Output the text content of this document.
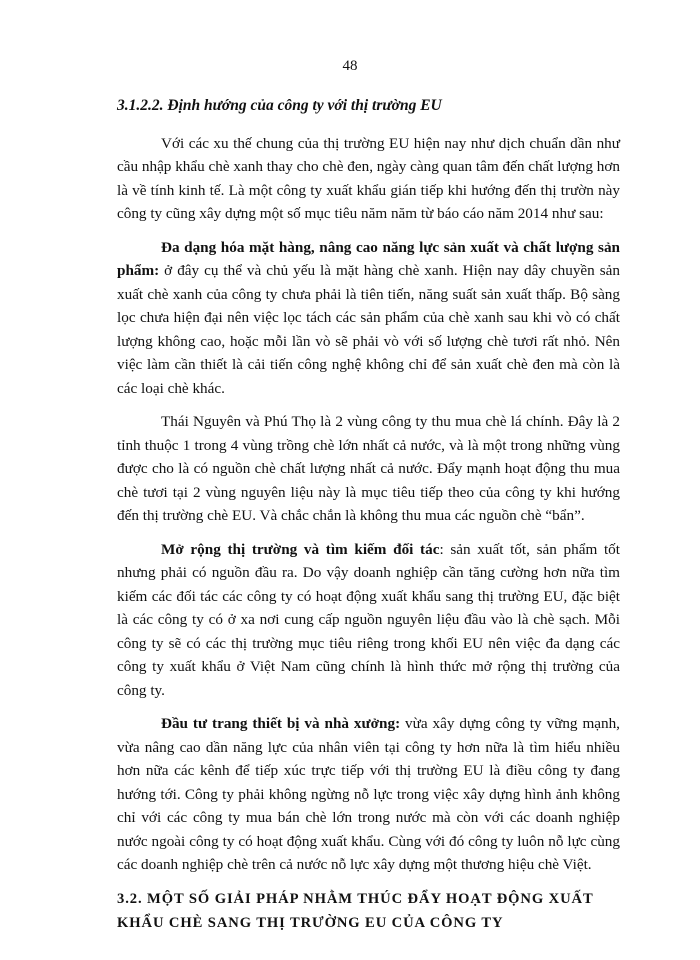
48

3.1.2.2. Định hướng của công ty với thị trường EU

Với các xu thế chung của thị trường EU hiện nay như dịch chuẩn dần như cầu nhập khẩu chè xanh thay cho chè đen, ngày càng quan tâm đến chất lượng hơn là về tính kinh tế. Là một công ty xuất khẩu gián tiếp khi hướng đến thị trườn này công ty cũng xây dựng một số mục tiêu năm năm từ báo cáo năm 2014 như sau:

Đa dạng hóa mặt hàng, nâng cao năng lực sản xuất và chất lượng sản phẩm: ở đây cụ thể và chủ yếu là mặt hàng chè xanh. Hiện nay dây chuyền sản xuất chè xanh của công ty chưa phải là tiên tiến, năng suất sản xuất thấp. Bộ sàng lọc chưa hiện đại nên việc lọc tách các sản phẩm của chè xanh sau khi vò có chất lượng không cao, hoặc mỗi lần vò sẽ phải vò với số lượng chè tươi rất nhỏ. Nên việc làm cần thiết là cải tiến công nghệ không chỉ để sản xuất chè đen mà còn là các loại chè khác.

Thái Nguyên và Phú Thọ là 2 vùng công ty thu mua chè lá chính. Đây là 2 tỉnh thuộc 1 trong 4 vùng trồng chè lớn nhất cả nước, và là một trong những vùng được cho là có nguồn chè chất lượng nhất cả nước. Đẩy mạnh hoạt động thu mua chè tươi tại 2 vùng nguyên liệu này là mục tiêu tiếp theo của công ty khi hướng đến thị trường chè EU. Và chắc chắn là không thu mua các nguồn chè “bẩn”.

Mở rộng thị trường và tìm kiếm đối tác: sản xuất tốt, sản phẩm tốt nhưng phải có nguồn đầu ra. Do vậy doanh nghiệp cần tăng cường hơn nữa tìm kiếm các đối tác các công ty có hoạt động xuất khẩu sang thị trường EU, đặc biệt là các công ty có ở xa nơi cung cấp nguồn nguyên liệu đầu vào là chè sạch. Mỗi công ty sẽ có các thị trường mục tiêu riêng trong khối EU nên việc đa dạng các công ty xuất khẩu ở Việt Nam cũng chính là hình thức mở rộng thị trường của công ty.

Đầu tư trang thiết bị và nhà xưởng: vừa xây dựng công ty vững mạnh, vừa nâng cao dần năng lực của nhân viên tại công ty hơn nữa là tìm hiểu nhiều hơn nữa các kênh để tiếp xúc trực tiếp với thị trường EU là điều công ty đang hướng tới. Công ty phải không ngừng nỗ lực trong việc xây dựng hình ảnh không chỉ với các công ty mua bán chè lớn trong nước mà còn với các doanh nghiệp nước ngoài công ty có hoạt động xuất khẩu. Cùng với đó công ty luôn nỗ lực cùng các doanh nghiệp chè trên cả nước nỗ lực xây dựng một thương hiệu chè Việt.

3.2. MỘT SỐ GIẢI PHÁP NHẰM THÚC ĐẨY HOẠT ĐỘNG XUẤT KHẨU CHÈ SANG THỊ TRƯỜNG EU CỦA CÔNG TY
